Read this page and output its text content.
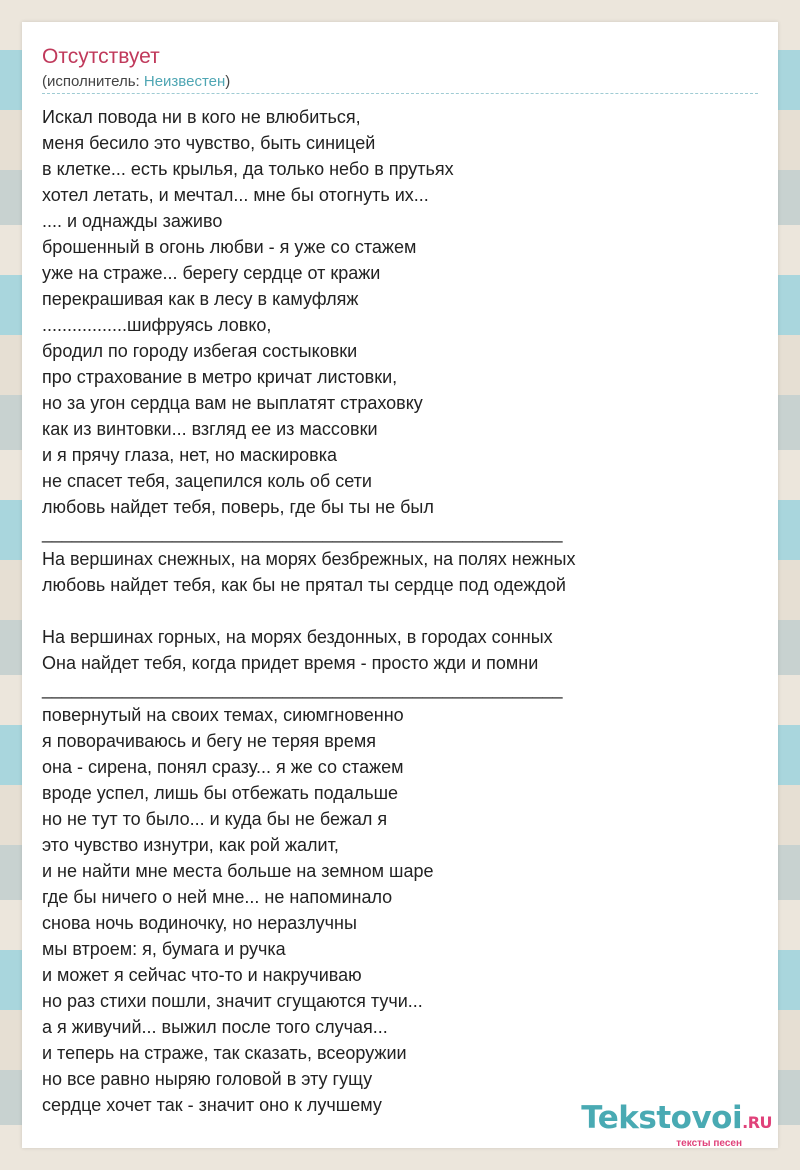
Отсутствует
(исполнитель: Неизвестен)
Искал повода ни в кого не влюбиться,
меня бесило это чувство, быть синицей
в клетке... есть крылья, да только небо в прутьях
хотел летать, и мечтал... мне бы отогнуть их...
.... и однажды заживо
брошенный в огонь любви - я уже со стажем
уже на страже... берегу сердце от кражи
перекрашивая как в лесу в камуфляж
.................шифруясь ловко,
бродил по городу избегая состыковки
про страхование в метро кричат листовки,
но за угон сердца вам не выплатят страховку
как из винтовки... взгляд ее из массовки
и я прячу глаза, нет, но маскировка
не спасет тебя, зацепился коль об сети
любовь найдет тебя, поверь, где бы ты не был
____________________________________________________
На вершинах снежных, на морях безбрежных, на полях нежных
любовь найдет тебя, как бы не прятал ты сердце под одеждой
На вершинах горных, на морях бездонных, в городах сонных
Она найдет тебя, когда придет время - просто жди и помни
____________________________________________________
повернутый на своих темах, сиюмгновенно
я поворачиваюсь и бегу не теряя время
она - сирена, понял сразу... я же со стажем
вроде успел, лишь бы отбежать подальше
но не тут то было... и куда бы не бежал я
это чувство изнутри, как рой жалит,
и не найти мне места больше на земном шаре
где бы ничего о ней мне... не напоминало
снова ночь водиночку, но неразлучны
мы втроем: я, бумага и ручка
и может я сейчас что-то и накручиваю
но раз стихи пошли, значит сгущаются тучи...
а я живучий... выжил после того случая...
и теперь на страже, так сказать, всеоружии
но все равно ныряю головой в эту гущу
сердце хочет так - значит оно к лучшему	Tekstovoi.RU
тексты песен
